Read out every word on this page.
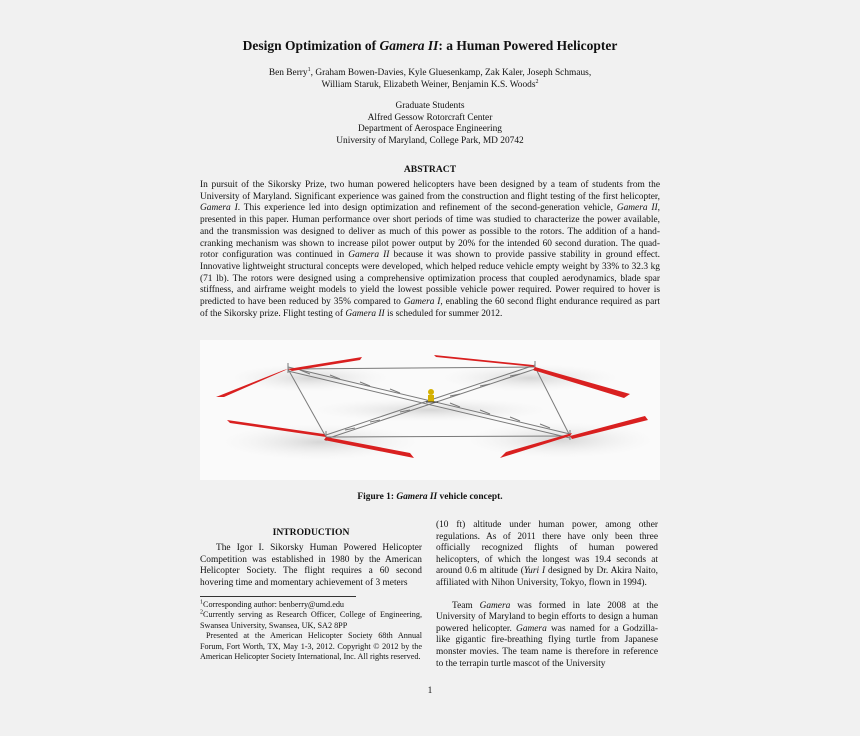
Design Optimization of Gamera II: a Human Powered Helicopter
Ben Berry$^1$, Graham Bowen-Davies, Kyle Gluesenkamp, Zak Kaler, Joseph Schmaus,
William Staruk, Elizabeth Weiner, Benjamin K.S. Woods$^2$
Graduate Students
Alfred Gessow Rotorcraft Center
Department of Aerospace Engineering
University of Maryland, College Park, MD 20742
ABSTRACT

In pursuit of the Sikorsky Prize, two human powered helicopters have been designed by a team of students from the University of Maryland. Significant experience was gained from the construction and flight testing of the first helicopter, Gamera I. This experience led into design optimization and refinement of the second-generation vehicle, Gamera II, presented in this paper. Human performance over short periods of time was studied to characterize the power available, and the transmission was designed to deliver as much of this power as possible to the rotors. The addition of a hand-cranking mechanism was shown to increase pilot power output by 20% for the intended 60 second duration. The quad-rotor configuration was continued in Gamera II because it was shown to provide passive stability in ground effect. Innovative lightweight structural concepts were developed, which helped reduce vehicle empty weight by 33% to 32.3 kg (71 lb). The rotors were designed using a comprehensive optimization process that coupled aerodynamics, blade spar stiffness, and airframe weight models to yield the lowest possible vehicle power required. Power required to hover is predicted to have been reduced by 35% compared to Gamera I, enabling the 60 second flight endurance required as part of the Sikorsky prize. Flight testing of Gamera II is scheduled for summer 2012.

Figure 1: Gamera II vehicle concept.
INTRODUCTION

The Igor I. Sikorsky Human Powered Helicopter Competition was established in 1980 by the American Helicopter Society. The flight requires a 60 second hovering time and momentary achievement of 3 meters

$^1$Corresponding author: benberry@umd.edu

$^2$Currently serving as Research Officer, College of Engineering, Swansea University, Swansea, UK, SA2 8PP

Presented at the American Helicopter Society 68th Annual Forum, Fort Worth, TX, May 1-3, 2012. Copyright © 2012 by the American Helicopter Society International, Inc. All rights reserved.

(10 ft) altitude under human power, among other regulations. As of 2011 there have only been three officially recognized flights of human powered helicopters, of which the longest was 19.4 seconds at around 0.6 m altitude (Yuri I designed by Dr. Akira Naito, affiliated with Nihon University, Tokyo, flown in 1994).

Team Gamera was formed in late 2008 at the University of Maryland to begin efforts to design a human powered helicopter. Gamera was named for a Godzilla-like gigantic fire-breathing flying turtle from Japanese monster movies. The team name is therefore in reference to the terrapin turtle mascot of the University

1
